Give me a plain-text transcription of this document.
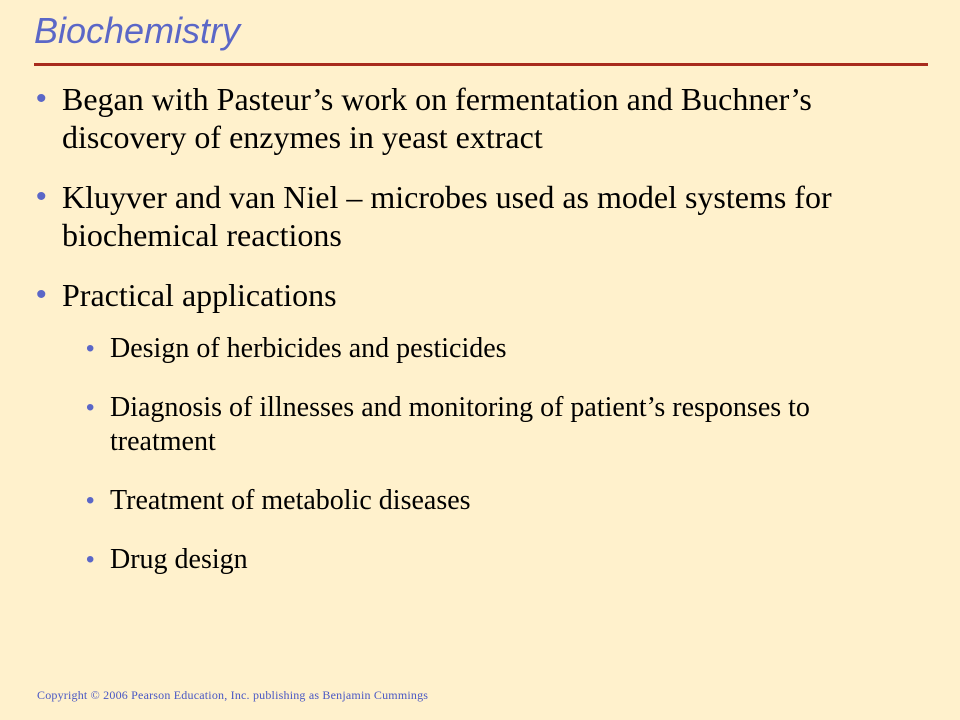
Biochemistry
• Began with Pasteur’s work on fermentation and Buchner’s discovery of enzymes in yeast extract
• Kluyver and van Niel – microbes used as model systems for biochemical reactions
• Practical applications
• Design of herbicides and pesticides
• Diagnosis of illnesses and monitoring of patient’s responses to treatment
• Treatment of metabolic diseases
• Drug design

Copyright © 2006 Pearson Education, Inc. publishing as Benjamin Cummings
